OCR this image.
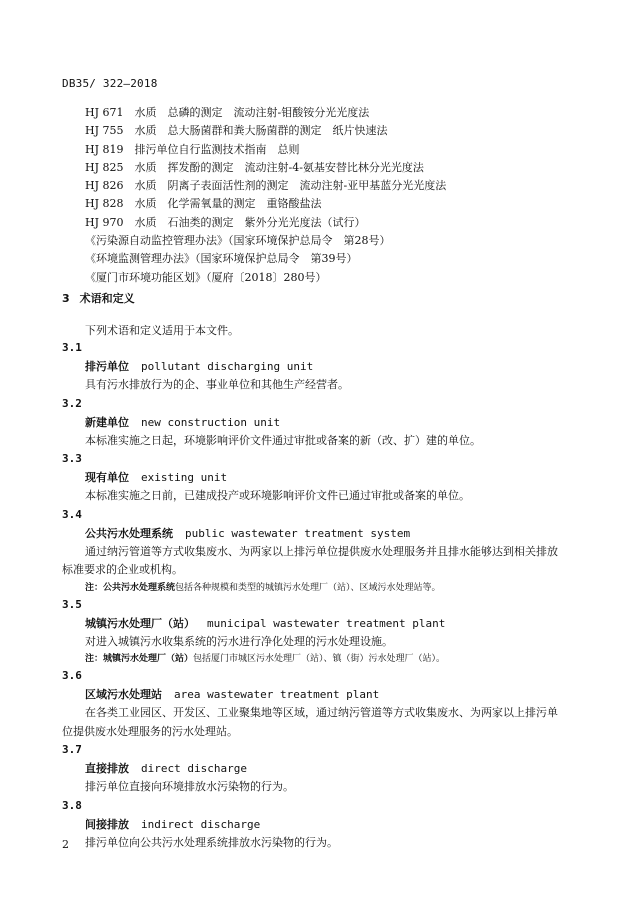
DB35/ 322—2018
HJ 671　水质　总磷的测定　流动注射-钼酸铵分光光度法
HJ 755　水质　总大肠菌群和粪大肠菌群的测定　纸片快速法
HJ 819　排污单位自行监测技术指南　总则
HJ 825　水质　挥发酚的测定　流动注射-4-氨基安替比林分光光度法
HJ 826　水质　阴离子表面活性剂的测定　流动注射-亚甲基蓝分光光度法
HJ 828　水质　化学需氧量的测定　重铬酸盐法
HJ 970　水质　石油类的测定　紫外分光光度法（试行）
《污染源自动监控管理办法》（国家环境保护总局令　第28号）
《环境监测管理办法》（国家环境保护总局令　第39号）
《厦门市环境功能区划》（厦府〔2018〕280号）
3 术语和定义
下列术语和定义适用于本文件。
3.1
排污单位 pollutant discharging unit
具有污水排放行为的企、事业单位和其他生产经营者。
3.2
新建单位 new construction unit
本标准实施之日起，环境影响评价文件通过审批或备案的新（改、扩）建的单位。
3.3
现有单位 existing unit
本标准实施之日前，已建成投产或环境影响评价文件已通过审批或备案的单位。
3.4
公共污水处理系统 public wastewater treatment system
通过纳污管道等方式收集废水、为两家以上排污单位提供废水处理服务并且排水能够达到相关排放
标准要求的企业或机构。
注：公共污水处理系统包括各种规模和类型的城镇污水处理厂（站）、区域污水处理站等。
3.5
城镇污水处理厂（站） municipal wastewater treatment plant
对进入城镇污水收集系统的污水进行净化处理的污水处理设施。
注：城镇污水处理厂（站）包括厦门市城区污水处理厂（站）、镇（街）污水处理厂（站）。
3.6
区域污水处理站 area wastewater treatment plant
在各类工业园区、开发区、工业聚集地等区域，通过纳污管道等方式收集废水、为两家以上排污单
位提供废水处理服务的污水处理站。
3.7
直接排放 direct discharge
排污单位直接向环境排放水污染物的行为。
3.8
间接排放 indirect discharge
排污单位向公共污水处理系统排放水污染物的行为。
2
